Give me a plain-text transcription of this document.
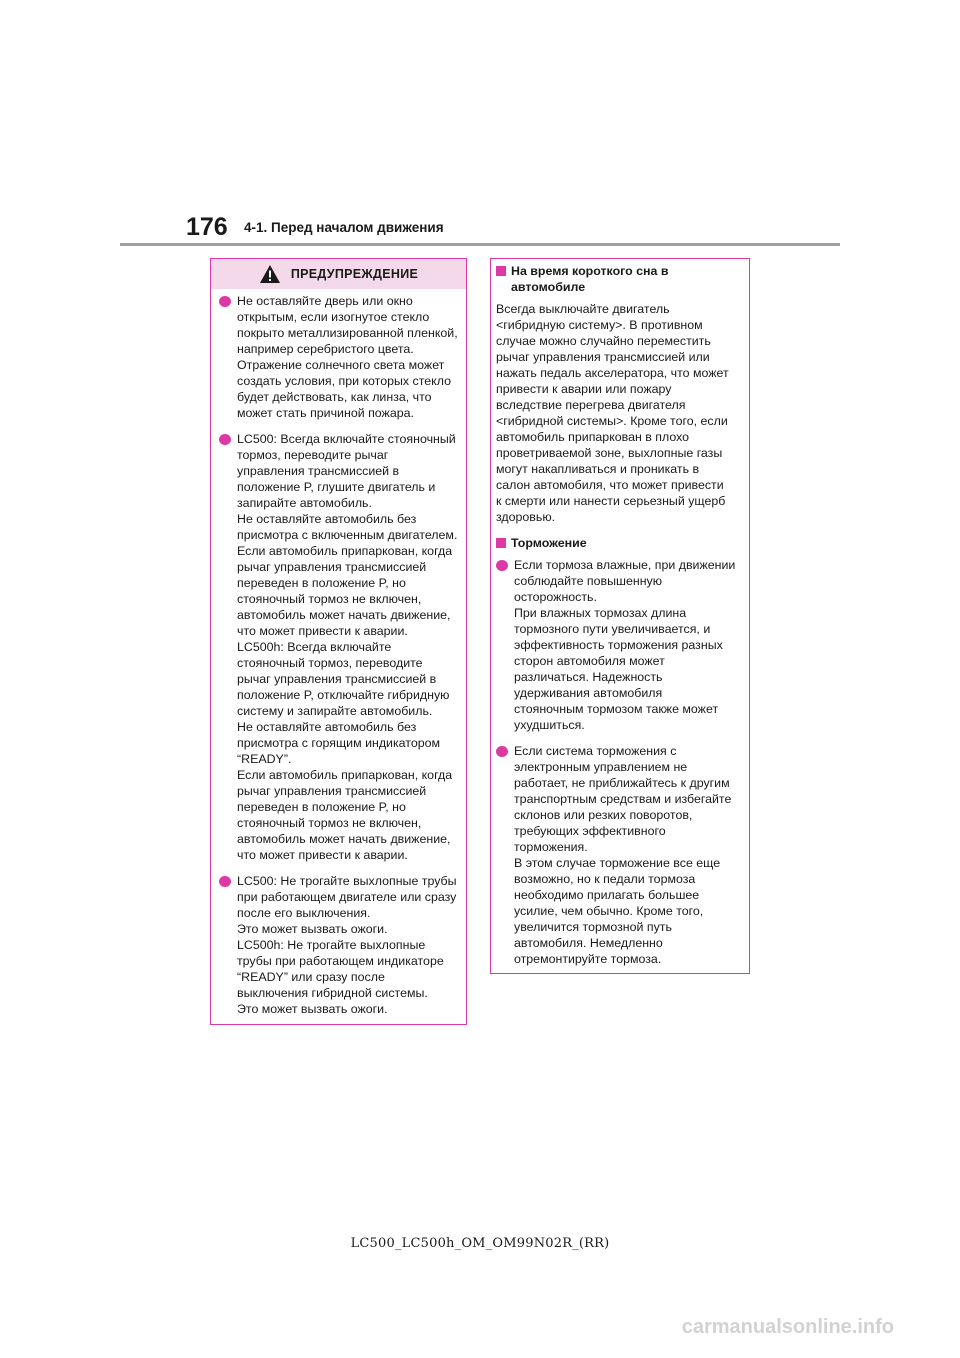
176 4-1. Перед началом движения
ПРЕДУПРЕЖДЕНИЕ
Не оставляйте дверь или окно
открытым, если изогнутое стекло
покрыто металлизированной пленкой,
например серебристого цвета.
Отражение солнечного света может
создать условия, при которых стекло
будет действовать, как линза, что
может стать причиной пожара.
LC500: Всегда включайте стояночный
тормоз, переводите рычаг
управления трансмиссией в
положение P, глушите двигатель и
запирайте автомобиль.
Не оставляйте автомобиль без
присмотра с включенным двигателем.
Если автомобиль припаркован, когда
рычаг управления трансмиссией
переведен в положение P, но
стояночный тормоз не включен,
автомобиль может начать движение,
что может привести к аварии.
LC500h: Всегда включайте
стояночный тормоз, переводите
рычаг управления трансмиссией в
положение P, отключайте гибридную
систему и запирайте автомобиль.
Не оставляйте автомобиль без
присмотра с горящим индикатором
“READY”.
Если автомобиль припаркован, когда
рычаг управления трансмиссией
переведен в положение P, но
стояночный тормоз не включен,
автомобиль может начать движение,
что может привести к аварии.
LC500: Не трогайте выхлопные трубы
при работающем двигателе или сразу
после его выключения.
Это может вызвать ожоги.
LC500h: Не трогайте выхлопные
трубы при работающем индикаторе
“READY” или сразу после
выключения гибридной системы.
Это может вызвать ожоги.
На время короткого сна в
автомобиле
Всегда выключайте двигатель
<гибридную систему>. В противном
случае можно случайно переместить
рычаг управления трансмиссией или
нажать педаль акселератора, что может
привести к аварии или пожару
вследствие перегрева двигателя
<гибридной системы>. Кроме того, если
автомобиль припаркован в плохо
проветриваемой зоне, выхлопные газы
могут накапливаться и проникать в
салон автомобиля, что может привести
к смерти или нанести серьезный ущерб
здоровью.
Торможение
Если тормоза влажные, при движении
соблюдайте повышенную
осторожность.
При влажных тормозах длина
тормозного пути увеличивается, и
эффективность торможения разных
сторон автомобиля может
различаться. Надежность
удерживания автомобиля
стояночным тормозом также может
ухудшиться.
Если система торможения с
электронным управлением не
работает, не приближайтесь к другим
транспортным средствам и избегайте
склонов или резких поворотов,
требующих эффективного
торможения.
В этом случае торможение все еще
возможно, но к педали тормоза
необходимо прилагать большее
усилие, чем обычно. Кроме того,
увеличится тормозной путь
автомобиля. Немедленно
отремонтируйте тормоза.
LC500_LC500h_OM_OM99N02R_(RR)
carmanualsonline.info
